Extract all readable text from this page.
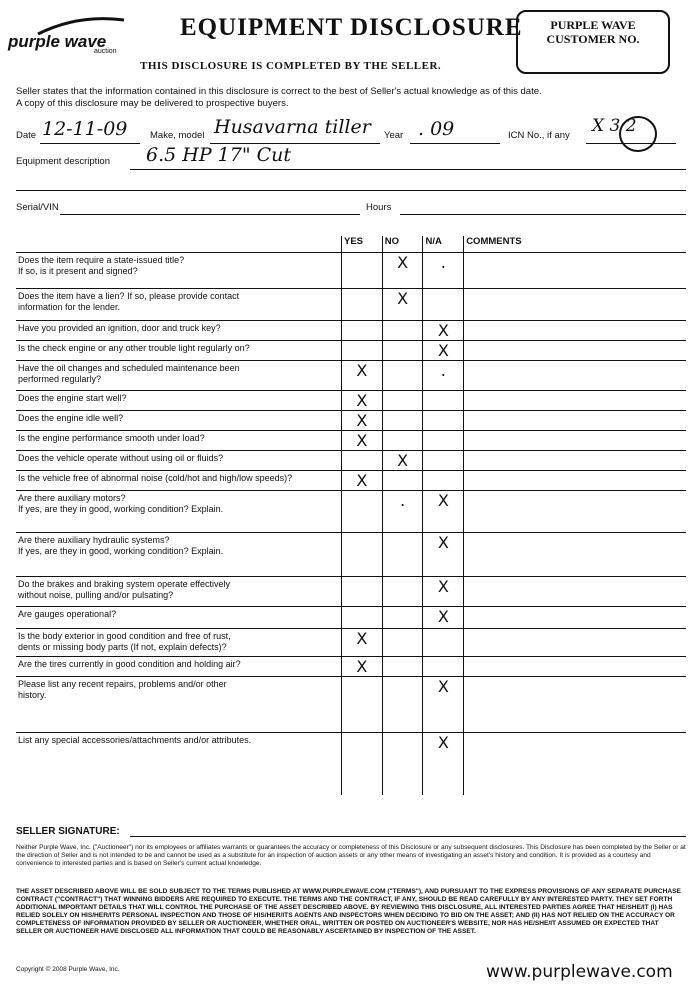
purple wave
auction
EQUIPMENT DISCLOSURE	PURPLE WAVE
CUSTOMER NO.
THIS DISCLOSURE IS COMPLETED BY THE SELLER.
Seller states that the information contained in this disclosure is correct to the best of Seller's actual knowledge as of this date.
A copy of this disclosure may be delivered to prospective buyers.
Date 12-11-09 Make, model Husavarna tiller Year . 09	ICN No., if any X 3 2
Equipment description 6.5 HP 17" Cut
Serial/VIN	Hours
	YES	NO	N/A	COMMENTS

Does the item require a state-issued title?
If so, is it present and signed?		X	.	

Does the item have a lien? If so, please provide contact
information for the lender.		X		

Have you provided an ignition, door and truck key?			X	

Is the check engine or any other trouble light regularly on?			X	

Have the oil changes and scheduled maintenance been
performed regularly?	X		.	

Does the engine start well?	X			

Does the engine idle well?	X			

Is the engine performance smooth under load?	X			

Does the vehicle operate without using oil or fluids?		X		

Is the vehicle free of abnormal noise (cold/hot and high/low speeds)?	X			

Are there auxiliary motors?
If yes, are they in good, working condition? Explain.		.	X	

Are there auxiliary hydraulic systems?
If yes, are they in good, working condition? Explain.			X	

Do the brakes and braking system operate effectively
without noise, pulling and/or pulsating?			X	

Are gauges operational?			X	

Is the body exterior in good condition and free of rust,
dents or missing body parts (If not, explain defects)?	X			

Are the tires currently in good condition and holding air?	X			

Please list any recent repairs, problems and/or other
history.			X	

List any special accessories/attachments and/or attributes.			X	
SELLER SIGNATURE:
Neither Purple Wave, Inc. ("Auctioneer") nor its employees or affiliates warrants or guarantees the accuracy or completeness of this Disclosure or any subsequent disclosures. This Disclosure has been completed by the Seller or at the direction of Seller and is not intended to be and cannot be used as a substitute for an inspection of auction assets or any other means of investigating an asset's history and condition. It is provided as a courtesy and convenience to interested parties and is based on Seller's current actual knowledge.
THE ASSET DESCRIBED ABOVE WILL BE SOLD SUBJECT TO THE TERMS PUBLISHED AT WWW.PURPLEWAVE.COM ("TERMS"), AND PURSUANT TO THE EXPRESS PROVISIONS OF ANY SEPARATE PURCHASE CONTRACT ("CONTRACT") THAT WINNING BIDDERS ARE REQUIRED TO EXECUTE. THE TERMS AND THE CONTRACT, IF ANY, SHOULD BE READ CAREFULLY BY ANY INTERESTED PARTY. THEY SET FORTH ADDITIONAL IMPORTANT DETAILS THAT WILL CONTROL THE PURCHASE OF THE ASSET DESCRIBED ABOVE. BY REVIEWING THIS DISCLOSURE, ALL INTERESTED PARTIES AGREE THAT HE/SHE/IT (I) HAS RELIED SOLELY ON HIS/HER/ITS PERSONAL INSPECTION AND THOSE OF HIS/HER/ITS AGENTS AND INSPECTORS WHEN DECIDING TO BID ON THE ASSET; AND (II) HAS NOT RELIED ON THE ACCURACY OR COMPLETENESS OF INFORMATION PROVIDED BY SELLER OR AUCTIONEER, WHETHER ORAL, WRITTEN OR POSTED ON AUCTIONEER'S WEBSITE, NOR HAS HE/SHE/IT ASSUMED OR EXPECTED THAT SELLER OR AUCTIONEER HAVE DISCLOSED ALL INFORMATION THAT COULD BE REASONABLY ASCERTAINED BY INSPECTION OF THE ASSET.
Copyright © 2008 Purple Wave, Inc.	www.purplewave.com
